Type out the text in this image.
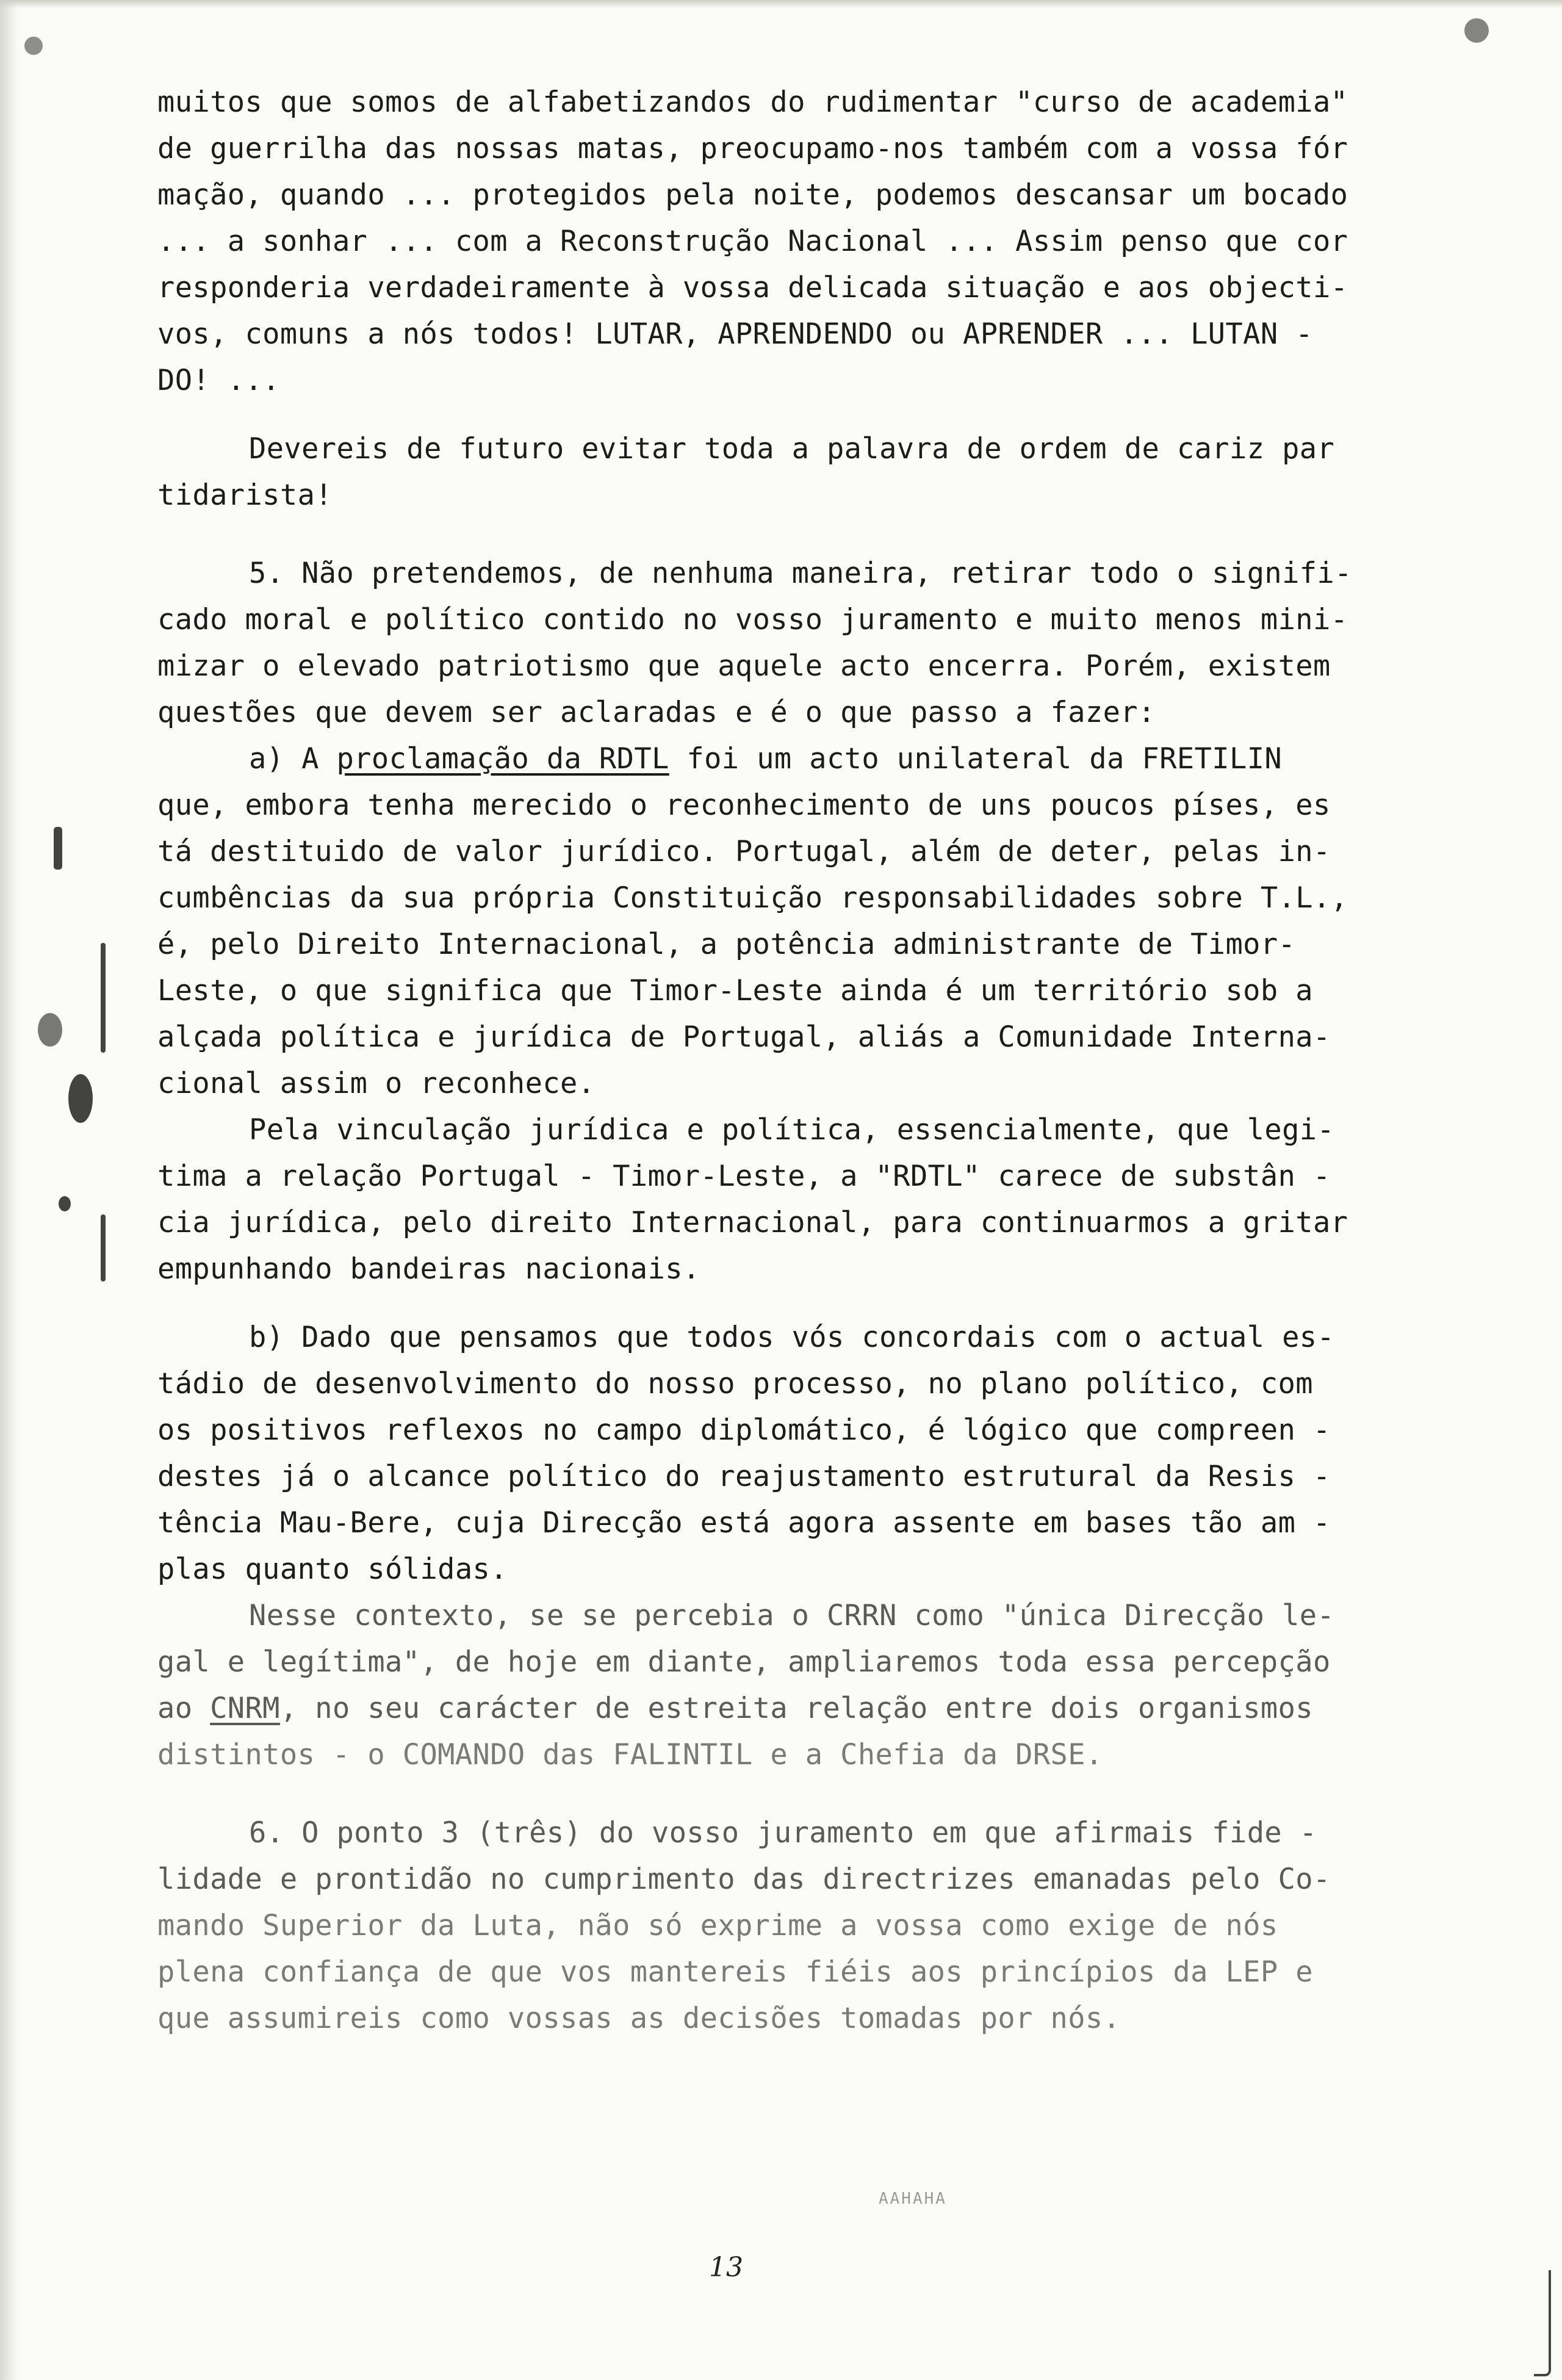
muitos que somos de alfabetizandos do rudimentar "curso de academia"
de guerrilha das nossas matas, preocupamo-nos também com a vossa fór
mação, quando ... protegidos pela noite, podemos descansar um bocado
... a sonhar ... com a Reconstrução Nacional ... Assim penso que cor
responderia verdadeiramente à vossa delicada situação e aos objecti-
vos, comuns a nós todos! LUTAR, APRENDENDO ou APRENDER ... LUTAN -
DO! ...
Devereis de futuro evitar toda a palavra de ordem de cariz par
tidarista!
5. Não pretendemos, de nenhuma maneira, retirar todo o signifi-
cado moral e político contido no vosso juramento e muito menos mini-
mizar o elevado patriotismo que aquele acto encerra. Porém, existem
questões que devem ser aclaradas e é o que passo a fazer:
a) A proclamação da RDTL foi um acto unilateral da FRETILIN
que, embora tenha merecido o reconhecimento de uns poucos píses, es
tá destituido de valor jurídico. Portugal, além de deter, pelas in-
cumbências da sua própria Constituição responsabilidades sobre T.L.,
é, pelo Direito Internacional, a potência administrante de Timor-
Leste, o que significa que Timor-Leste ainda é um território sob a
alçada política e jurídica de Portugal, aliás a Comunidade Interna-
cional assim o reconhece.
Pela vinculação jurídica e política, essencialmente, que legi-
tima a relação Portugal - Timor-Leste, a "RDTL" carece de substân -
cia jurídica, pelo direito Internacional, para continuarmos a gritar
empunhando bandeiras nacionais.
b) Dado que pensamos que todos vós concordais com o actual es-
tádio de desenvolvimento do nosso processo, no plano político, com
os positivos reflexos no campo diplomático, é lógico que compreen -
destes já o alcance político do reajustamento estrutural da Resis -
tência Mau-Bere, cuja Direcção está agora assente em bases tão am -
plas quanto sólidas.
Nesse contexto, se se percebia o CRRN como "única Direcção le-
gal e legítima", de hoje em diante, ampliaremos toda essa percepção
ao CNRM, no seu carácter de estreita relação entre dois organismos
distintos - o COMANDO das FALINTIL e a Chefia da DRSE.
6. O ponto 3 (três) do vosso juramento em que afirmais fide -
lidade e prontidão no cumprimento das directrizes emanadas pelo Co-
mando Superior da Luta, não só exprime a vossa como exige de nós
plena confiança de que vos mantereis fiéis aos princípios da LEP e
que assumireis como vossas as decisões tomadas por nós.
AAHAHA
13
